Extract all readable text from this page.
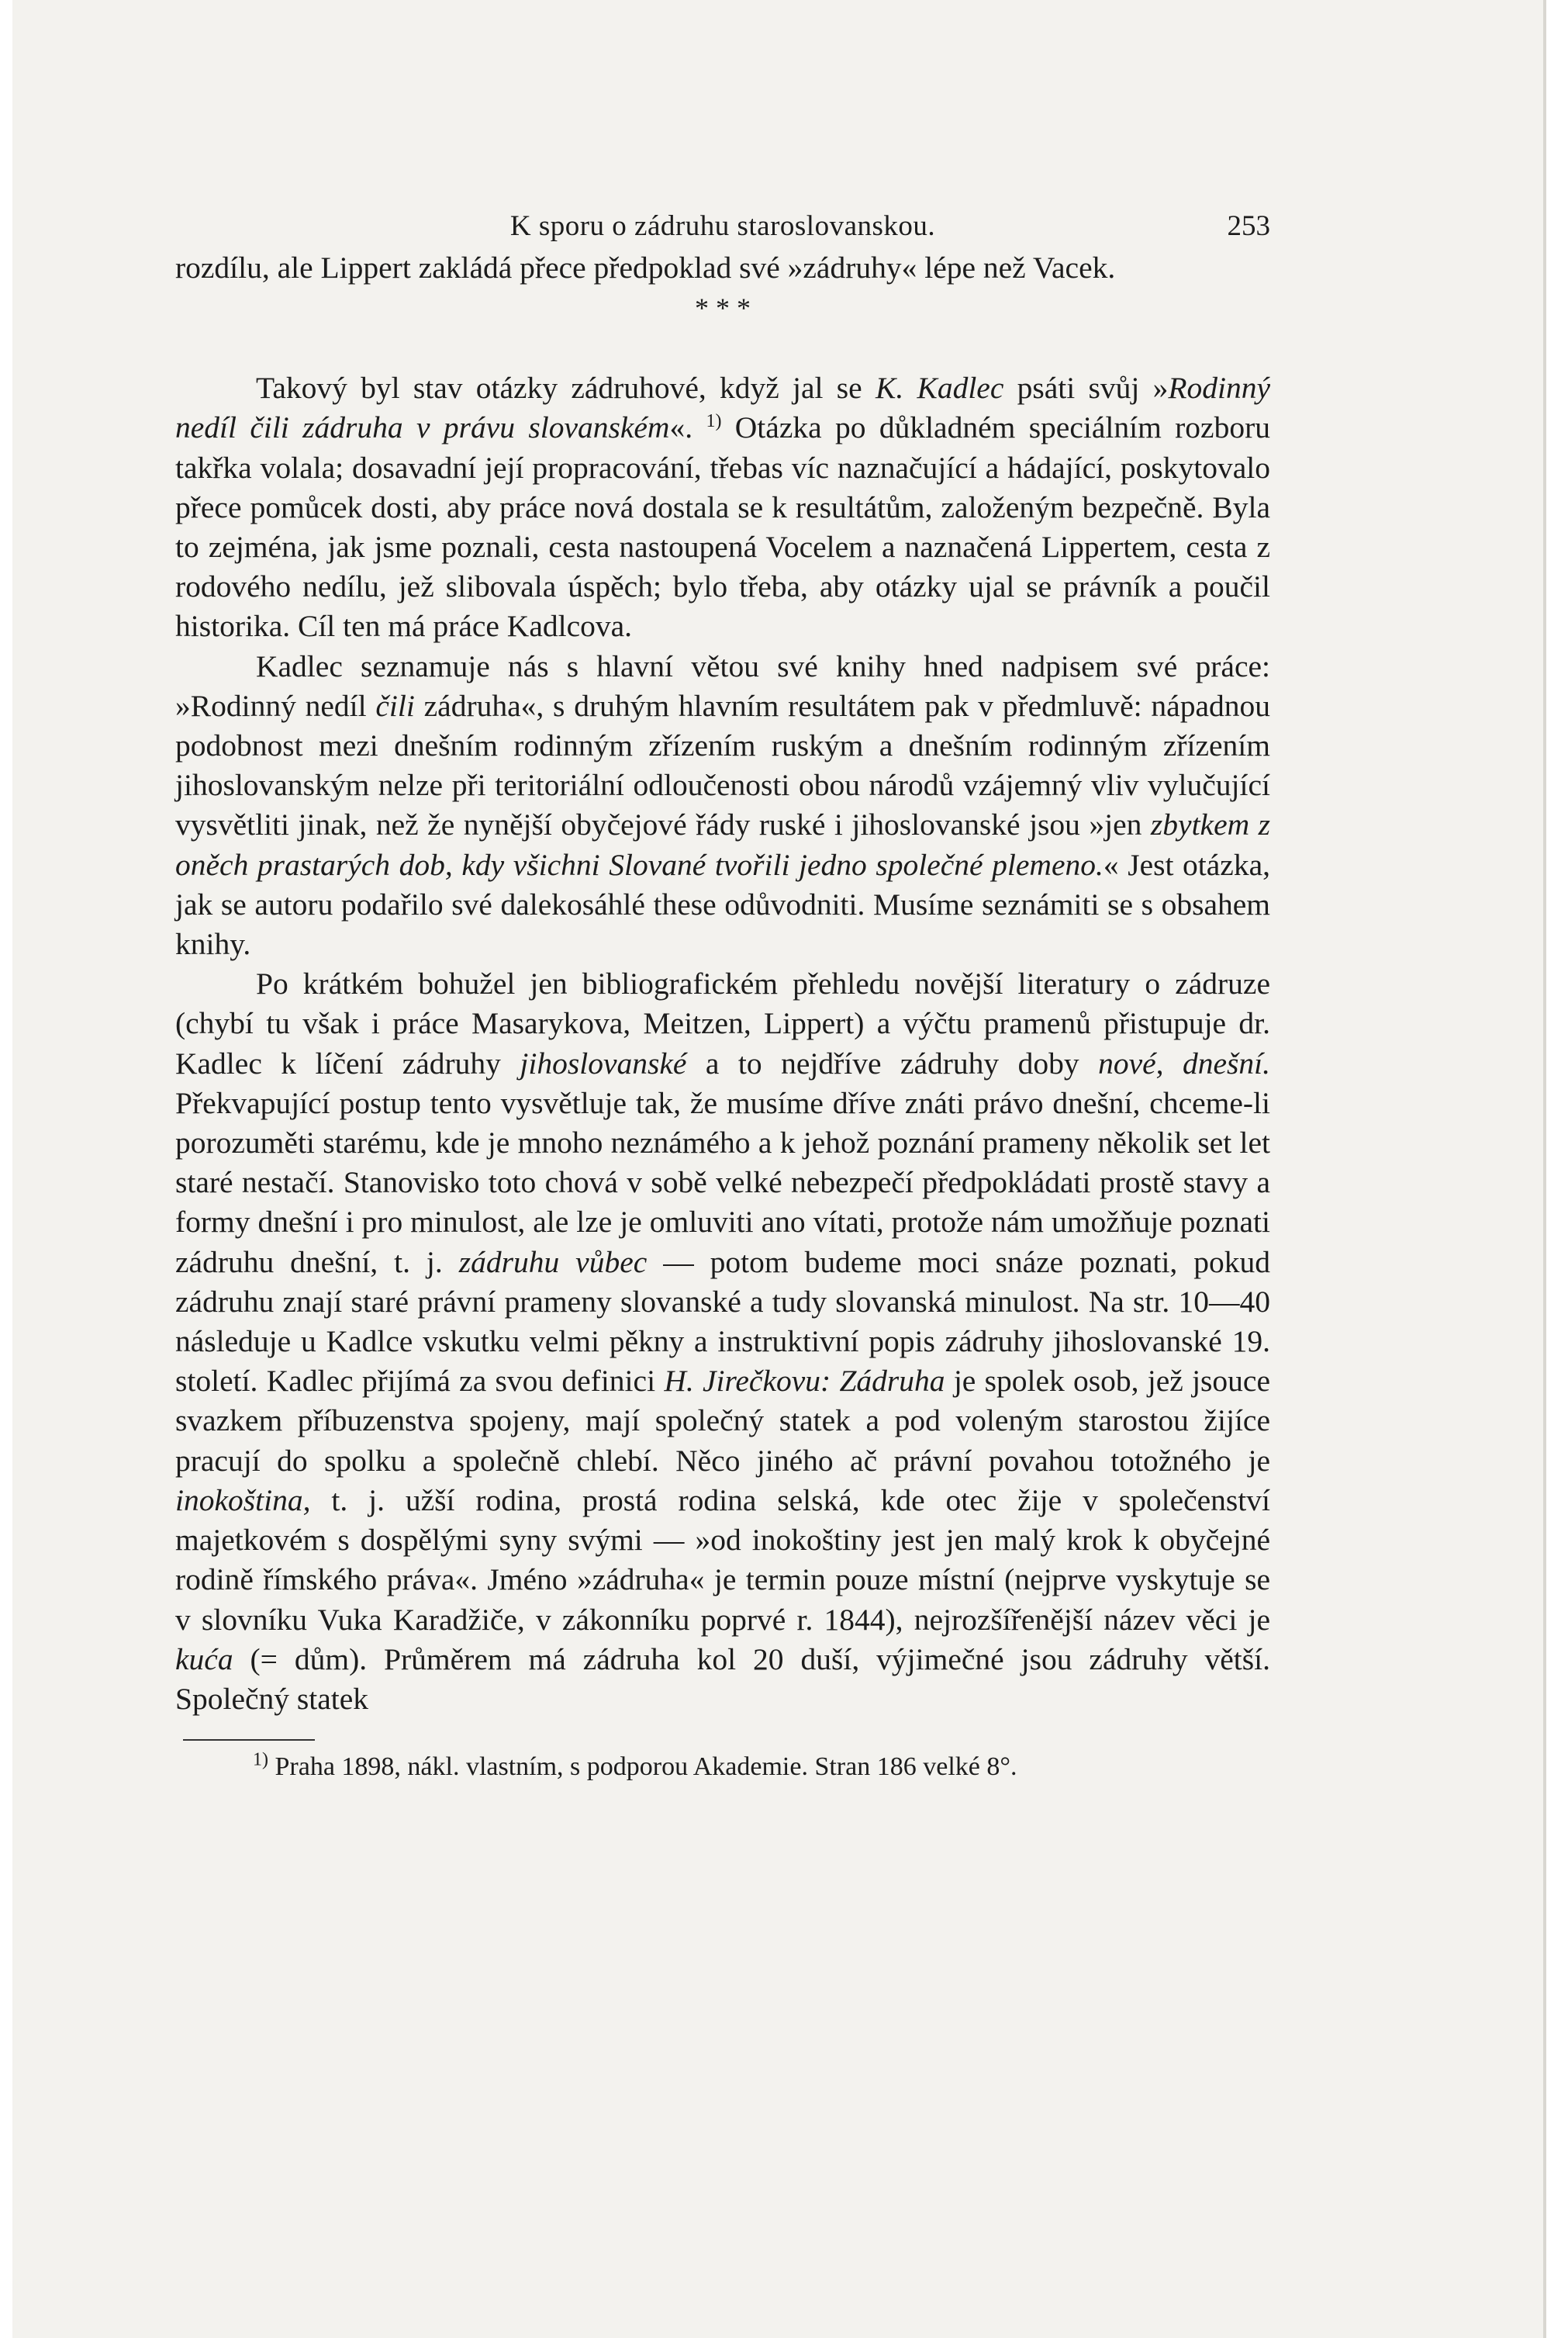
K sporu o zádruhu staroslovanskou.	253

rozdílu, ale Lippert zakládá přece předpoklad své »zádruhy« lépe než Vacek.

* * *

Takový byl stav otázky zádruhové, když jal se K. Kadlec psáti svůj »Rodinný nedíl čili zádruha v právu slovanském«. $^{1)}$ Otázka po důkladném speciálním rozboru takřka volala; dosavadní její propracování, třebas víc naznačující a hádající, poskytovalo přece pomůcek dosti, aby práce nová dostala se k resultátům, založeným bezpečně. Byla to zejména, jak jsme poznali, cesta nastoupená Vocelem a naznačená Lippertem, cesta z rodového nedílu, jež slibovala úspěch; bylo třeba, aby otázky ujal se právník a poučil historika. Cíl ten má práce Kadlcova.

Kadlec seznamuje nás s hlavní větou své knihy hned nadpisem své práce: »Rodinný nedíl čili zádruha«, s druhým hlavním resultátem pak v předmluvě: nápadnou podobnost mezi dnešním rodinným zřízením ruským a dnešním rodinným zřízením jihoslovanským nelze při teritoriální odloučenosti obou národů vzájemný vliv vylučující vysvětliti jinak, než že nynější obyčejové řády ruské i jihoslovanské jsou »jen zbytkem z oněch prastarých dob, kdy všichni Slované tvořili jedno společné plemeno.« Jest otázka, jak se autoru podařilo své dalekosáhlé these odůvodniti. Musíme seznámiti se s obsahem knihy.

Po krátkém bohužel jen bibliografickém přehledu novější literatury o zádruze (chybí tu však i práce Masarykova, Meitzen, Lippert) a výčtu pramenů přistupuje dr. Kadlec k líčení zádruhy jihoslovanské a to nejdříve zádruhy doby nové, dnešní. Překvapující postup tento vysvětluje tak, že musíme dříve znáti právo dnešní, chceme-li porozuměti starému, kde je mnoho neznámého a k jehož poznání prameny několik set let staré nestačí. Stanovisko toto chová v sobě velké nebezpečí předpokládati prostě stavy a formy dnešní i pro minulost, ale lze je omluviti ano vítati, protože nám umožňuje poznati zádruhu dnešní, t. j. zádruhu vůbec — potom budeme moci snáze poznati, pokud zádruhu znají staré právní prameny slovanské a tudy slovanská minulost. Na str. 10—40 následuje u Kadlce vskutku velmi pěkny a instruktivní popis zádruhy jihoslovanské 19. století. Kadlec přijímá za svou definici H. Jirečkovu: Zádruha je spolek osob, jež jsouce svazkem příbuzenstva spojeny, mají společný statek a pod voleným starostou žijíce pracují do spolku a společně chlebí. Něco jiného ač právní povahou totožného je inokoština, t. j. užší rodina, prostá rodina selská, kde otec žije v společenství majetkovém s dospělými syny svými — »od inokoštiny jest jen malý krok k obyčejné rodině římského práva«. Jméno »zádruha« je termin pouze místní (nejprve vyskytuje se v slovníku Vuka Karadžiče, v zákonníku poprvé r. 1844), nejrozšířenější název věci je kuća (= dům). Průměrem má zádruha kol 20 duší, výjimečné jsou zádruhy větší. Společný statek

$^{1)}$ Praha 1898, nákl. vlastním, s podporou Akademie. Stran 186 velké 8°.
